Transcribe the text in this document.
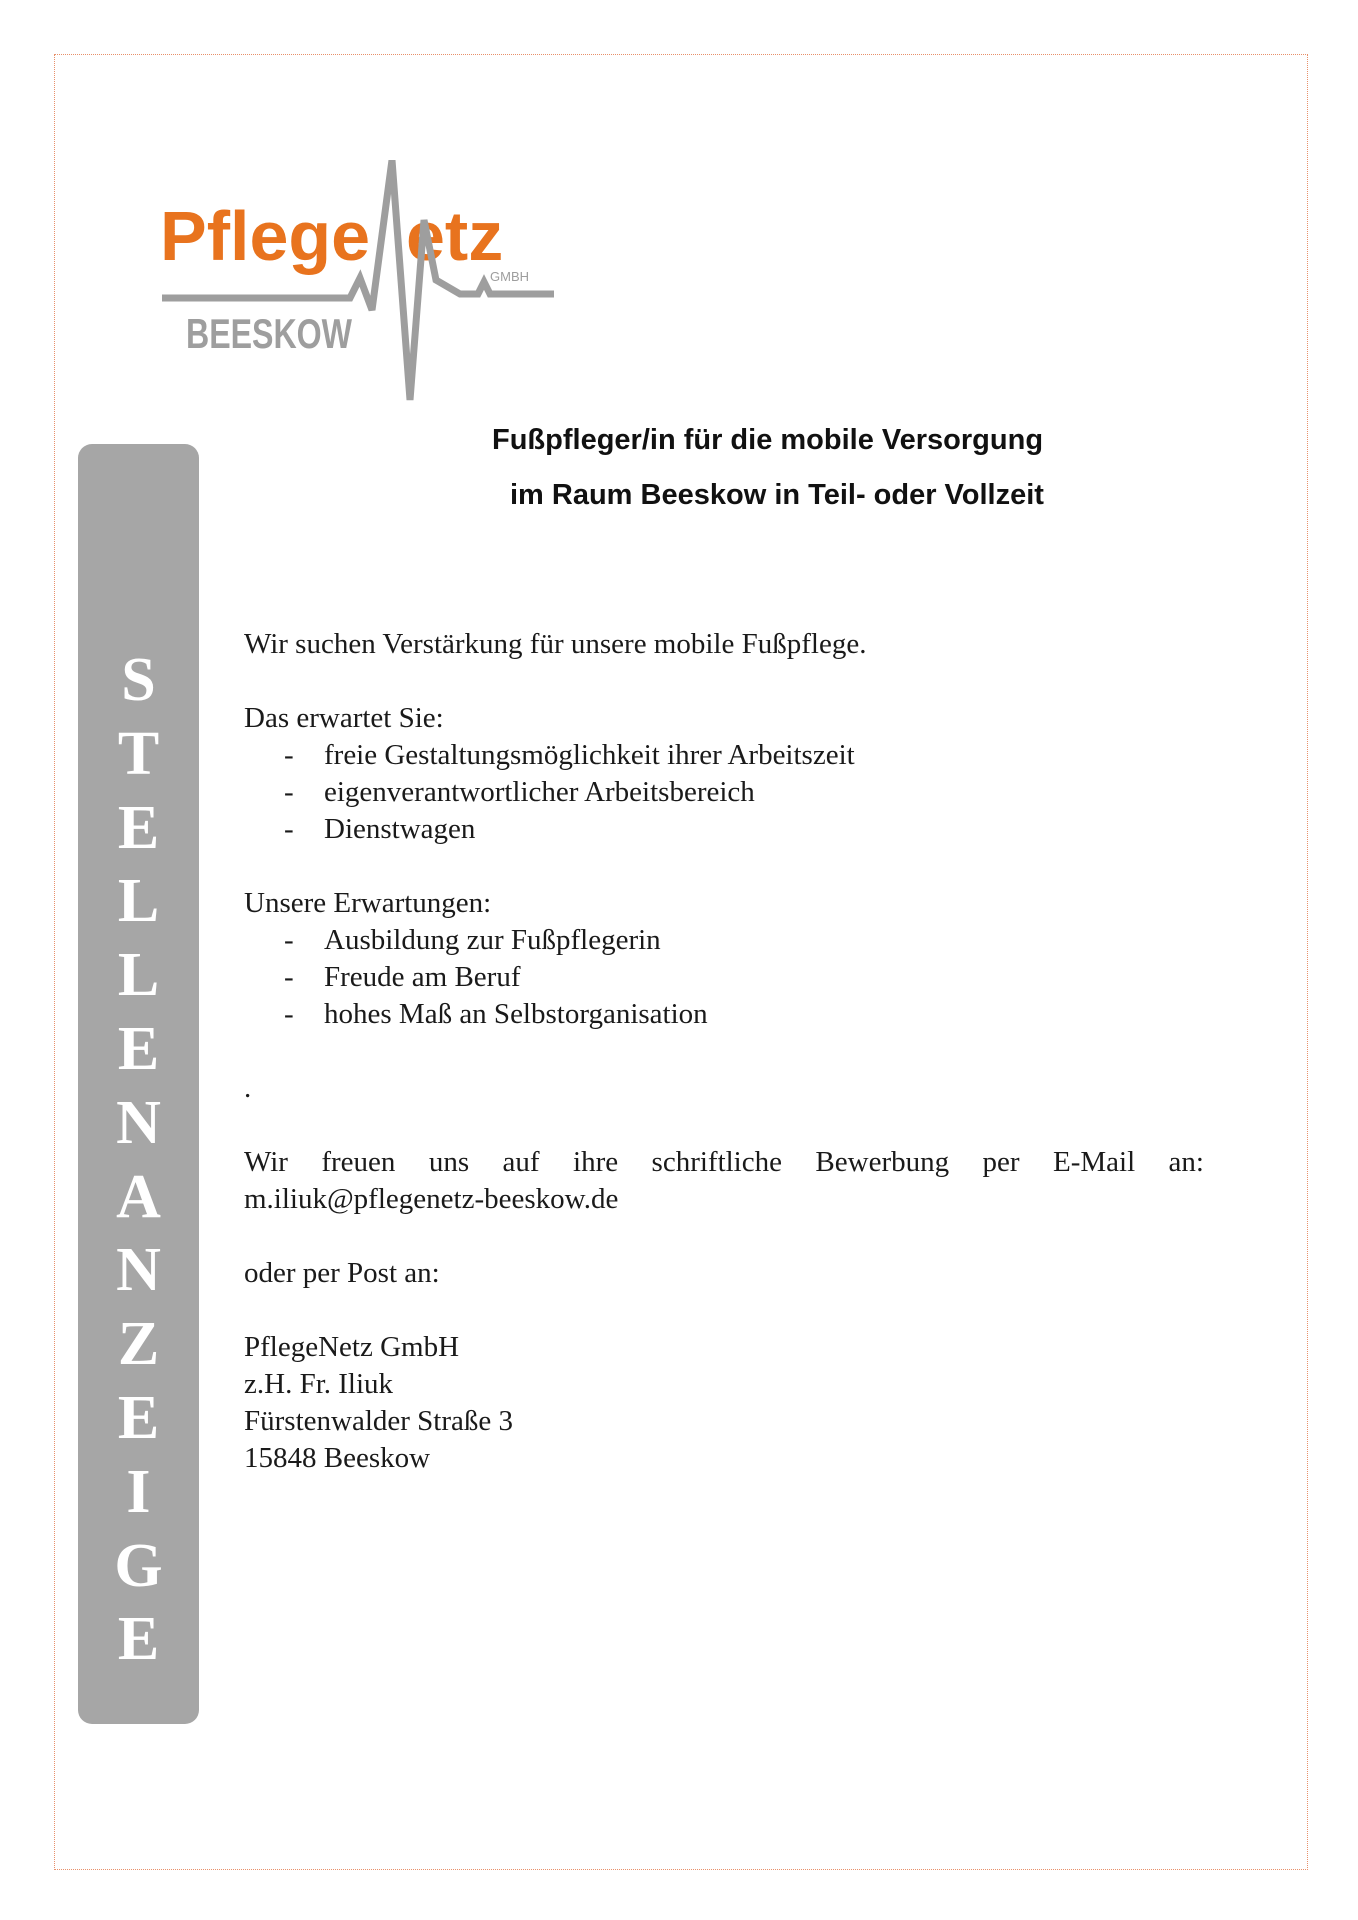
Pflege etz
GMBH
BEESKOW
Fußpfleger/in für die mobile Versorgung
im Raum Beeskow in Teil- oder Vollzeit
S
T
E
L
L
E
N
A
N
Z
E
I
G
E

Wir suchen Verstärkung für unsere mobile Fußpflege.

Das erwartet Sie:

-	freie Gestaltungsmöglichkeit ihrer Arbeitszeit
-	eigenverantwortlicher Arbeitsbereich
-	Dienstwagen

Unsere Erwartungen:

-	Ausbildung zur Fußpflegerin
-	Freude am Beruf
-	hohes Maß an Selbstorganisation

.

Wir freuen uns auf ihre schriftliche Bewerbung per E-Mail an:

m.iliuk@pflegenetz-beeskow.de

oder per Post an:

PflegeNetz GmbH

z.H. Fr. Iliuk

Fürstenwalder Straße 3

15848 Beeskow
